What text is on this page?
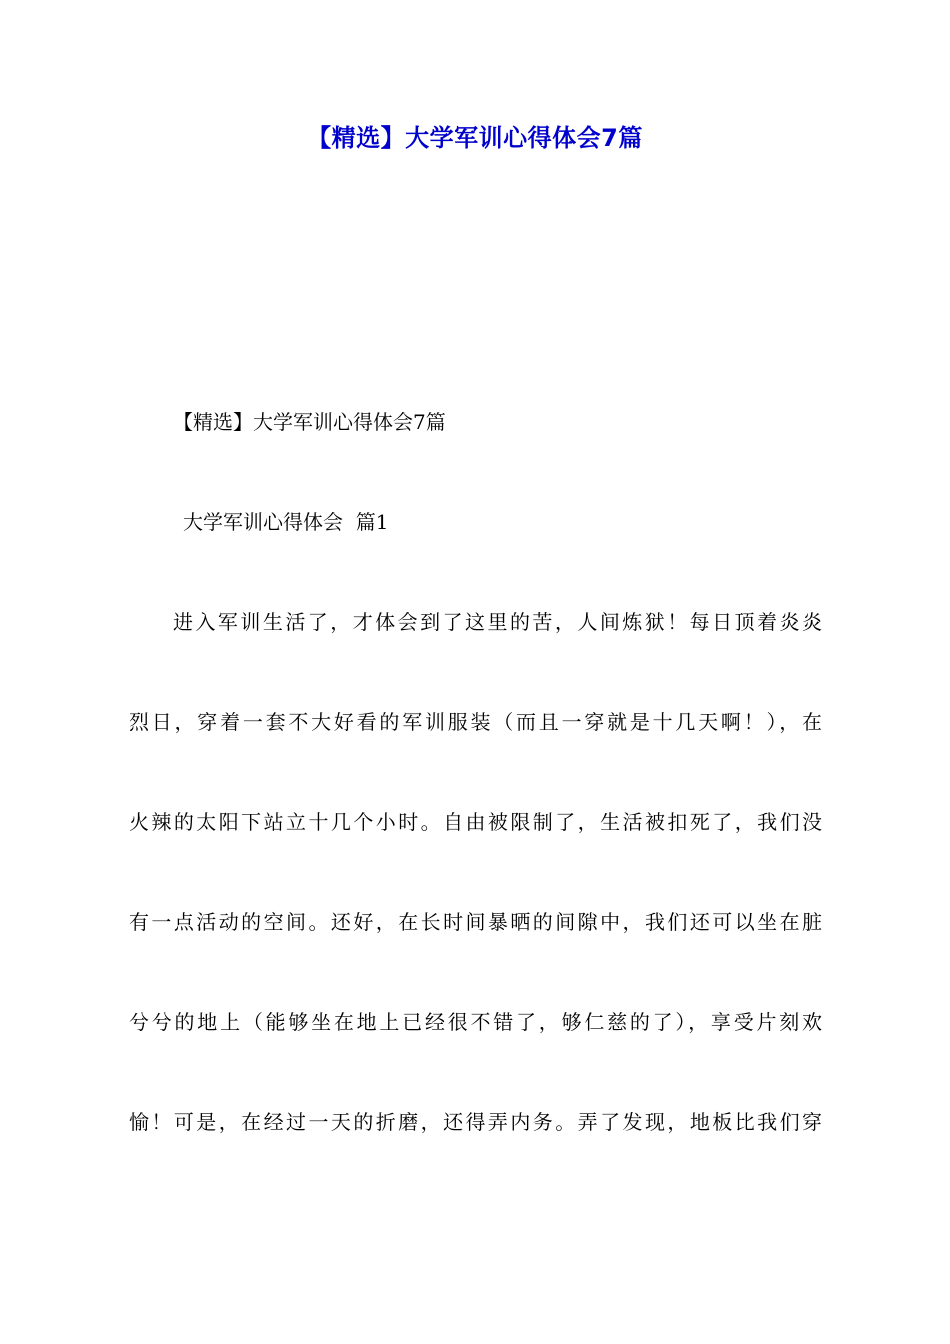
【精选】大学军训心得体会7篇

【精选】大学军训心得体会7篇

大学军训心得体会  篇1

进入军训生活了，才体会到了这里的苦，人间炼狱！每日顶着炎炎

烈日，穿着一套不大好看的军训服装（而且一穿就是十几天啊！），在

火辣的太阳下站立十几个小时。自由被限制了，生活被扣死了，我们没

有一点活动的空间。还好，在长时间暴晒的间隙中，我们还可以坐在脏

兮兮的地上（能够坐在地上已经很不错了，够仁慈的了），享受片刻欢

愉！可是，在经过一天的折磨，还得弄内务。弄了发现，地板比我们穿
